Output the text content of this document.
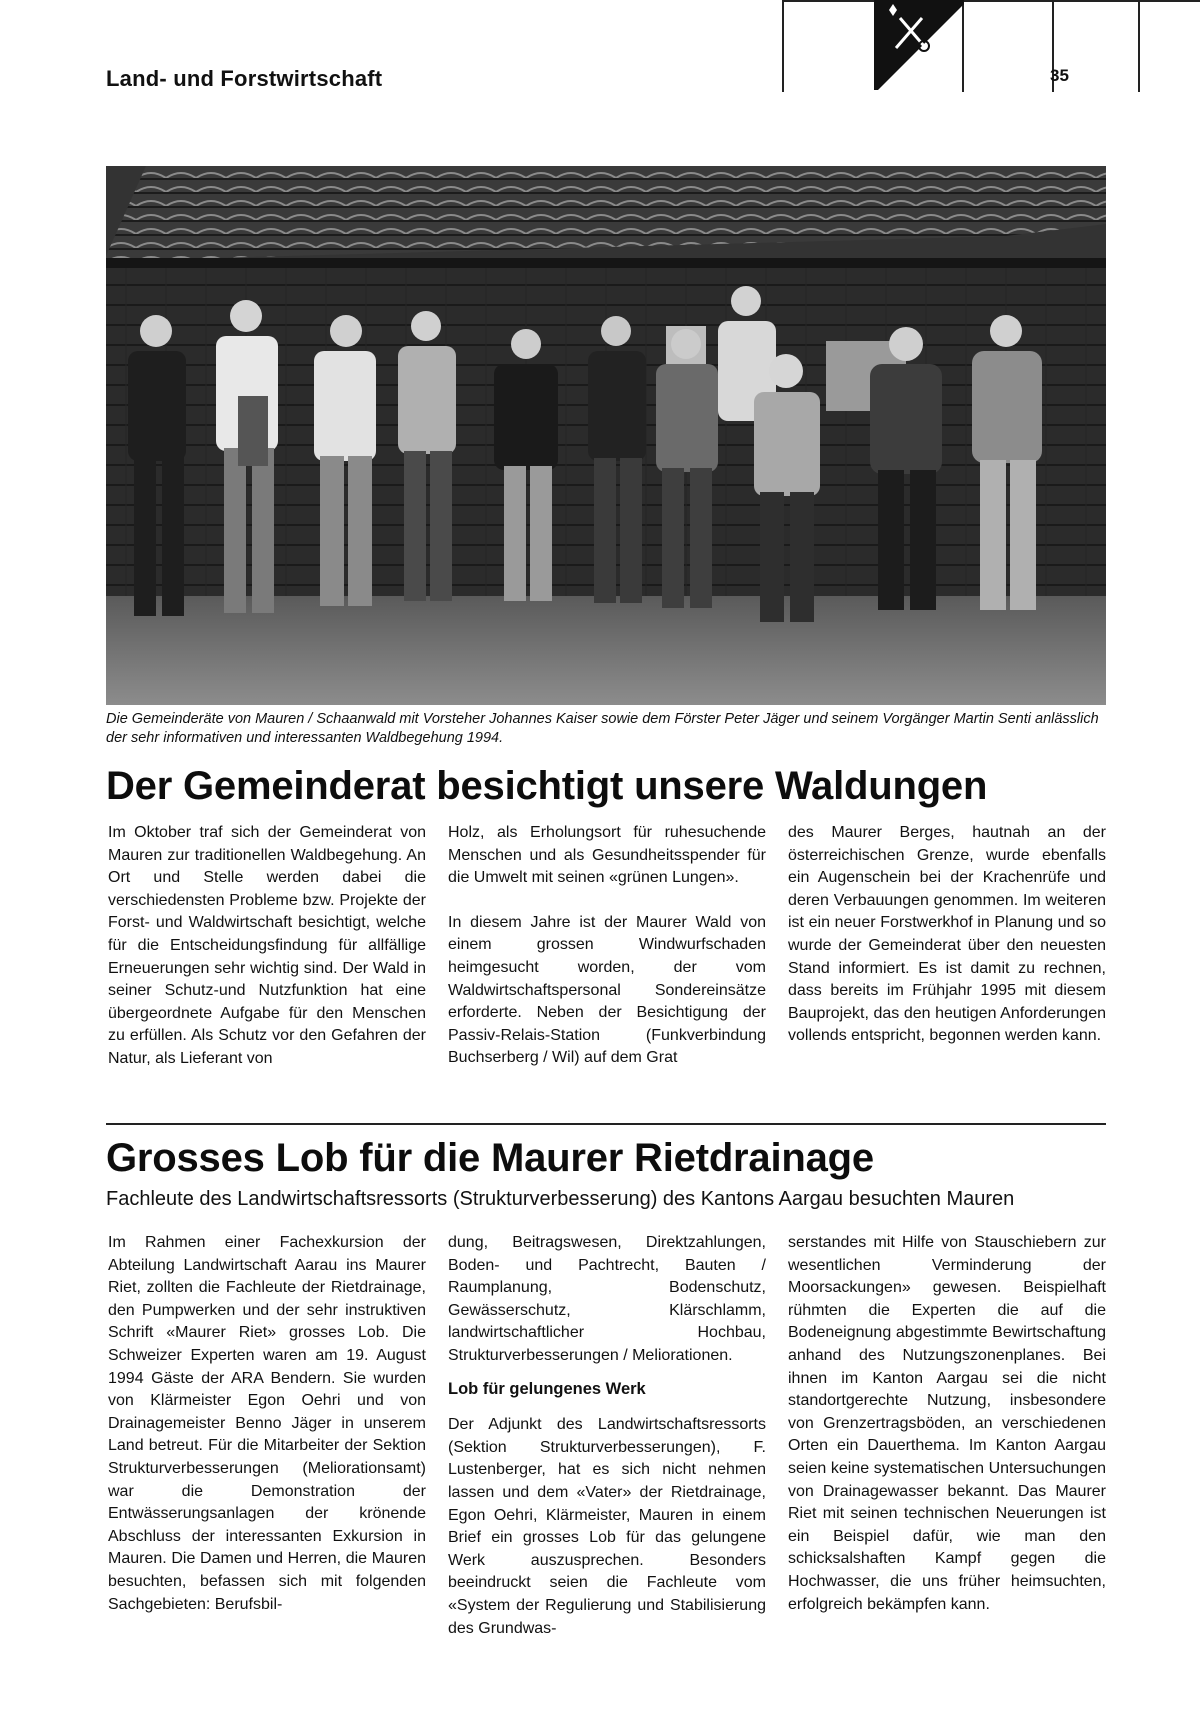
Land- und Forstwirtschaft	35
Die Gemeinderäte von Mauren / Schaanwald mit Vorsteher Johannes Kaiser sowie dem Förster Peter Jäger und seinem Vorgänger Martin Senti anlässlich der sehr informativen und interessanten Waldbegehung 1994.
Der Gemeinderat besichtigt unsere Waldungen

Im Oktober traf sich der Gemeinderat von Mauren zur traditionellen Waldbegehung. An Ort und Stelle werden dabei die verschiedensten Probleme bzw. Projekte der Forst- und Waldwirtschaft besichtigt, welche für die Entscheidungsfindung für allfällige Erneuerungen sehr wichtig sind. Der Wald in seiner Schutz-und Nutzfunktion hat eine übergeordnete Aufgabe für den Menschen zu erfüllen. Als Schutz vor den Gefahren der Natur, als Lieferant von

Holz, als Erholungsort für ruhesuchende Menschen und als Gesundheitsspender für die Umwelt mit seinen «grünen Lungen».

In diesem Jahre ist der Maurer Wald von einem grossen Windwurfschaden heimgesucht worden, der vom Waldwirtschaftspersonal Sondereinsätze erforderte. Neben der Besichtigung der Passiv-Relais-Station (Funkverbindung Buchserberg / Wil) auf dem Grat

des Maurer Berges, hautnah an der österreichischen Grenze, wurde ebenfalls ein Augenschein bei der Krachenrüfe und deren Verbauungen genommen. Im weiteren ist ein neuer Forstwerkhof in Planung und so wurde der Gemeinderat über den neuesten Stand informiert. Es ist damit zu rechnen, dass bereits im Frühjahr 1995 mit diesem Bauprojekt, das den heutigen Anforderungen vollends entspricht, begonnen werden kann.

Grosses Lob für die Maurer Rietdrainage
Fachleute des Landwirtschaftsressorts (Strukturverbesserung) des Kantons Aargau besuchten Mauren

Im Rahmen einer Fachexkursion der Abteilung Landwirtschaft Aarau ins Maurer Riet, zollten die Fachleute der Rietdrainage, den Pumpwerken und der sehr instruktiven Schrift «Maurer Riet» grosses Lob. Die Schweizer Experten waren am 19. August 1994 Gäste der ARA Bendern. Sie wurden von Klärmeister Egon Oehri und von Drainagemeister Benno Jäger in unserem Land betreut. Für die Mitarbeiter der Sektion Strukturverbesserungen (Meliorationsamt) war die Demonstration der Entwässerungsanlagen der krönende Abschluss der interessanten Exkursion in Mauren. Die Damen und Herren, die Mauren besuchten, befassen sich mit folgenden Sachgebieten: Berufsbil-

dung, Beitragswesen, Direktzahlungen, Boden- und Pachtrecht, Bauten / Raumplanung, Bodenschutz, Gewässerschutz, Klärschlamm, landwirtschaftlicher Hochbau, Strukturverbesserungen / Meliorationen.

Lob für gelungenes Werk

Der Adjunkt des Landwirtschaftsressorts (Sektion Strukturverbesserungen), F. Lustenberger, hat es sich nicht nehmen lassen und dem «Vater» der Rietdrainage, Egon Oehri, Klärmeister, Mauren in einem Brief ein grosses Lob für das gelungene Werk auszusprechen. Besonders beeindruckt seien die Fachleute vom «System der Regulierung und Stabilisierung des Grundwas-

serstandes mit Hilfe von Stauschiebern zur wesentlichen Verminderung der Moorsackungen» gewesen. Beispielhaft rühmten die Experten die auf die Bodeneignung abgestimmte Bewirtschaftung anhand des Nutzungszonenplanes. Bei ihnen im Kanton Aargau sei die nicht standortgerechte Nutzung, insbesondere von Grenzertragsböden, an verschiedenen Orten ein Dauerthema. Im Kanton Aargau seien keine systematischen Untersuchungen von Drainagewasser bekannt. Das Maurer Riet mit seinen technischen Neuerungen ist ein Beispiel dafür, wie man den schicksalshaften Kampf gegen die Hochwasser, die uns früher heimsuchten, erfolgreich bekämpfen kann.
